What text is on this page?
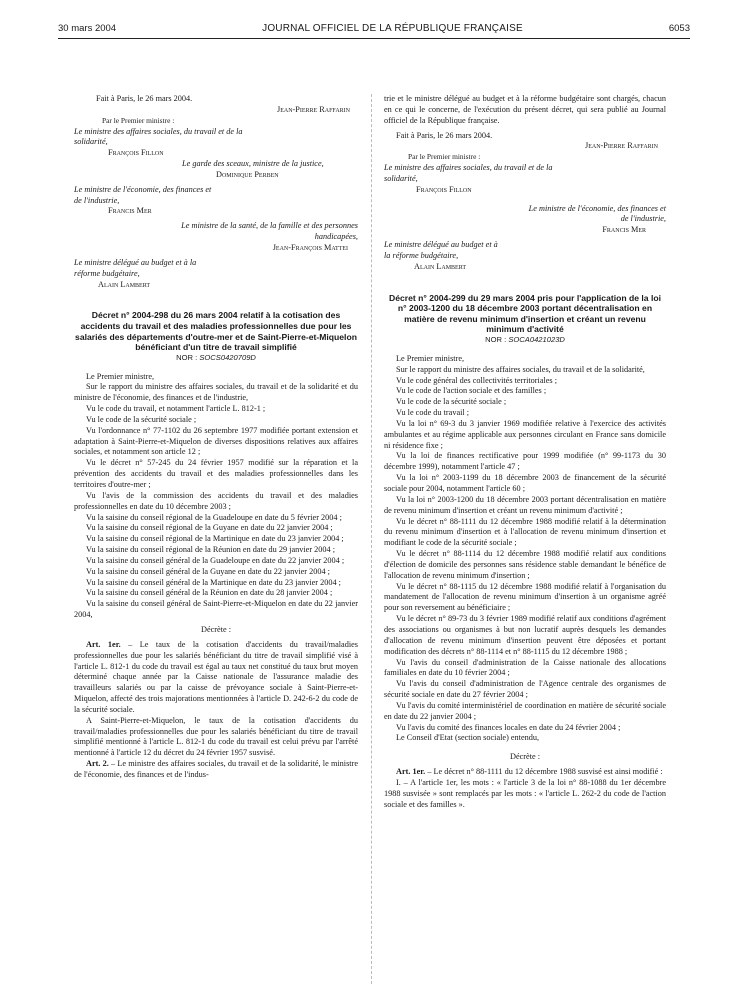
30 mars 2004	JOURNAL OFFICIEL DE LA RÉPUBLIQUE FRANÇAISE	6053

Fait à Paris, le 26 mars 2004.

Jean-Pierre Raffarin

Par le Premier ministre :

Le ministre des affaires sociales, du travail et de la solidarité,

François Fillon

Le garde des sceaux, ministre de la justice,

Dominique Perben

Le ministre de l'économie, des finances et de l'industrie,

Francis Mer

Le ministre de la santé, de la famille et des personnes handicapées,

Jean-François Mattei

Le ministre délégué au budget et à la réforme budgétaire,

Alain Lambert

Décret n° 2004-298 du 26 mars 2004 relatif à la cotisation des accidents du travail et des maladies professionnelles due pour les salariés des départements d'outre-mer et de Saint-Pierre-et-Miquelon bénéficiant d'un titre de travail simplifié

NOR : SOCS0420709D

Le Premier ministre,

Sur le rapport du ministre des affaires sociales, du travail et de la solidarité et du ministre de l'économie, des finances et de l'industrie,

Vu le code du travail, et notamment l'article L. 812-1 ;

Vu le code de la sécurité sociale ;

Vu l'ordonnance n° 77-1102 du 26 septembre 1977 modifiée portant extension et adaptation à Saint-Pierre-et-Miquelon de diverses dispositions relatives aux affaires sociales, et notamment son article 12 ;

Vu le décret n° 57-245 du 24 février 1957 modifié sur la réparation et la prévention des accidents du travail et des maladies professionnelles dans les territoires d'outre-mer ;

Vu l'avis de la commission des accidents du travail et des maladies professionnelles en date du 10 décembre 2003 ;

Vu la saisine du conseil régional de la Guadeloupe en date du 5 février 2004 ;

Vu la saisine du conseil régional de la Guyane en date du 22 janvier 2004 ;

Vu la saisine du conseil régional de la Martinique en date du 23 janvier 2004 ;

Vu la saisine du conseil régional de la Réunion en date du 29 janvier 2004 ;

Vu la saisine du conseil général de la Guadeloupe en date du 22 janvier 2004 ;

Vu la saisine du conseil général de la Guyane en date du 22 janvier 2004 ;

Vu la saisine du conseil général de la Martinique en date du 23 janvier 2004 ;

Vu la saisine du conseil général de la Réunion en date du 28 janvier 2004 ;

Vu la saisine du conseil général de Saint-Pierre-et-Miquelon en date du 22 janvier 2004,

Décrète :

Art. 1er. – Le taux de la cotisation d'accidents du travail/maladies professionnelles due pour les salariés bénéficiant du titre de travail simplifié visé à l'article L. 812-1 du code du travail est égal au taux net constitué du taux brut moyen déterminé chaque année par la Caisse nationale de l'assurance maladie des travailleurs salariés ou par la caisse de prévoyance sociale à Saint-Pierre-et-Miquelon, affecté des trois majorations mentionnées à l'article D. 242-6-2 du code de la sécurité sociale.

A Saint-Pierre-et-Miquelon, le taux de la cotisation d'accidents du travail/maladies professionnelles due pour les salariés bénéficiant du titre de travail simplifié mentionné à l'article L. 812-1 du code du travail est celui prévu par l'arrêté mentionné à l'article 12 du décret du 24 février 1957 susvisé.

Art. 2. – Le ministre des affaires sociales, du travail et de la solidarité, le ministre de l'économie, des finances et de l'indus-

trie et le ministre délégué au budget et à la réforme budgétaire sont chargés, chacun en ce qui le concerne, de l'exécution du présent décret, qui sera publié au Journal officiel de la République française.

Fait à Paris, le 26 mars 2004.

Jean-Pierre Raffarin

Par le Premier ministre :

Le ministre des affaires sociales, du travail et de la solidarité,

François Fillon

Le ministre de l'économie, des finances et de l'industrie,

Francis Mer

Le ministre délégué au budget et à la réforme budgétaire,

Alain Lambert

Décret n° 2004-299 du 29 mars 2004 pris pour l'application de la loi n° 2003-1200 du 18 décembre 2003 portant décentralisation en matière de revenu minimum d'insertion et créant un revenu minimum d'activité

NOR : SOCA0421023D

Le Premier ministre,

Sur le rapport du ministre des affaires sociales, du travail et de la solidarité,

Vu le code général des collectivités territoriales ;

Vu le code de l'action sociale et des familles ;

Vu le code de la sécurité sociale ;

Vu le code du travail ;

Vu la loi n° 69-3 du 3 janvier 1969 modifiée relative à l'exercice des activités ambulantes et au régime applicable aux personnes circulant en France sans domicile ni résidence fixe ;

Vu la loi de finances rectificative pour 1999 modifiée (n° 99-1173 du 30 décembre 1999), notamment l'article 47 ;

Vu la loi n° 2003-1199 du 18 décembre 2003 de financement de la sécurité sociale pour 2004, notamment l'article 60 ;

Vu la loi n° 2003-1200 du 18 décembre 2003 portant décentralisation en matière de revenu minimum d'insertion et créant un revenu minimum d'activité ;

Vu le décret n° 88-1111 du 12 décembre 1988 modifié relatif à la détermination du revenu minimum d'insertion et à l'allocation de revenu minimum d'insertion et modifiant le code de la sécurité sociale ;

Vu le décret n° 88-1114 du 12 décembre 1988 modifié relatif aux conditions d'élection de domicile des personnes sans résidence stable demandant le bénéfice de l'allocation de revenu minimum d'insertion ;

Vu le décret n° 88-1115 du 12 décembre 1988 modifié relatif à l'organisation du mandatement de l'allocation de revenu minimum d'insertion à un organisme agréé pour son reversement au bénéficiaire ;

Vu le décret n° 89-73 du 3 février 1989 modifié relatif aux conditions d'agrément des associations ou organismes à but non lucratif auprès desquels les demandes d'allocation de revenu minimum d'insertion peuvent être déposées et portant modification des décrets n° 88-1114 et n° 88-1115 du 12 décembre 1988 ;

Vu l'avis du conseil d'administration de la Caisse nationale des allocations familiales en date du 10 février 2004 ;

Vu l'avis du conseil d'administration de l'Agence centrale des organismes de sécurité sociale en date du 27 février 2004 ;

Vu l'avis du comité interministériel de coordination en matière de sécurité sociale en date du 22 janvier 2004 ;

Vu l'avis du comité des finances locales en date du 24 février 2004 ;

Le Conseil d'Etat (section sociale) entendu,

Décrète :

Art. 1er. – Le décret n° 88-1111 du 12 décembre 1988 susvisé est ainsi modifié :

I. – A l'article 1er, les mots : « l'article 3 de la loi n° 88-1088 du 1er décembre 1988 susvisée » sont remplacés par les mots : « l'article L. 262-2 du code de l'action sociale et des familles ».
